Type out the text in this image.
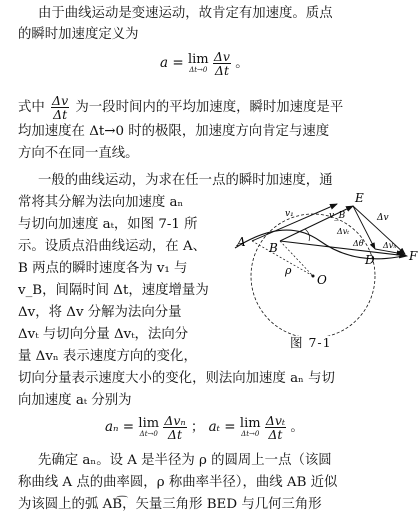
由于曲线运动是变速运动，故肯定有加速度。质点
的瞬时加速度定义为
a = lim
Δt→0
$\frac{\Delta v}{\Delta t}$ 。
式中 $\frac{\Delta v}{\Delta t}$ 为一段时间内的平均加速度，瞬时加速度是平
均加速度在 Δt→0 时的极限，加速度方向肯定与速度
方向不在同一直线。
一般的曲线运动，为求在任一点的瞬时加速度，通
常将其分解为法向加速度 aₙ
与切向加速度 aₜ，如图 7-1 所
示。设质点沿曲线运动，在 A、
B 两点的瞬时速度各为 v₁ 与
v_B，间隔时间 Δt，速度增量为
Δv，将 Δv 分解为法向分量
Δvₜ 与切向分量 Δvₜ，法向分
量 Δvₙ 表示速度方向的变化，
切向分量表示速度大小的变化，则法向加速度 aₙ 与切
向加速度 aₜ 分别为
aₙ = lim
Δt→0
$\frac{\text{Δvₙ}}{\Delta t}$ ； aₜ = lim
Δt→0
$\frac{\text{Δvₜ}}{\Delta t}$ 。
先确定 aₙ。设 A 是半径为 ρ 的圆周上一点（该圆
称曲线 A 点的曲率圆，ρ 称曲率半径），曲线 AB 近似
为该圆上的弧 AB͡，矢量三角形 BED 与几何三角形
A B
E
D	F
O
ρ
v₁	v_B	Δv
Δvₜ
Δvₙ
Δθ
图 7-1
